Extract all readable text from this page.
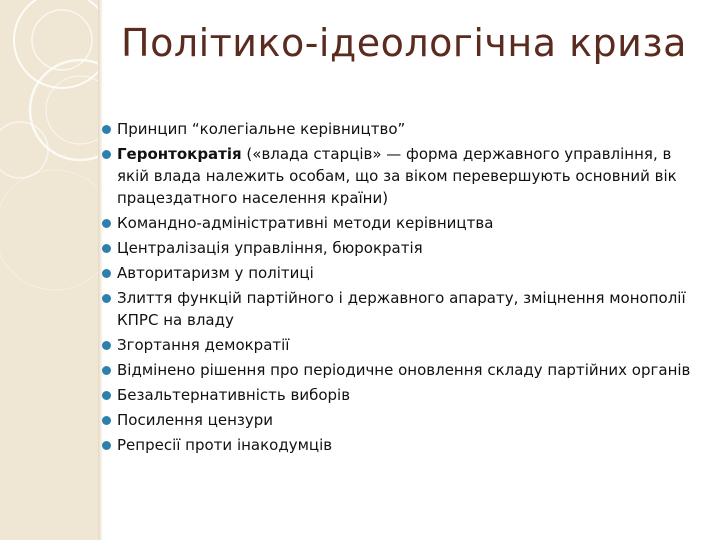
Політико-ідеологічна криза
Принцип “колегіальне керівництво”
Геронтократія («влада старців» — форма державного управління, в якій влада належить особам, що за віком перевершують основний вік працездатного населення країни)
Командно-адміністративні методи керівництва
Централізація управління, бюрократія
Авторитаризм у політиці
Злиття функцій партійного і державного апарату, зміцнення монополії КПРС на владу
Згортання демократії
Відмінено рішення про періодичне оновлення складу партійних органів
Безальтернативність виборів
Посилення цензури
Репресії проти інакодумців
